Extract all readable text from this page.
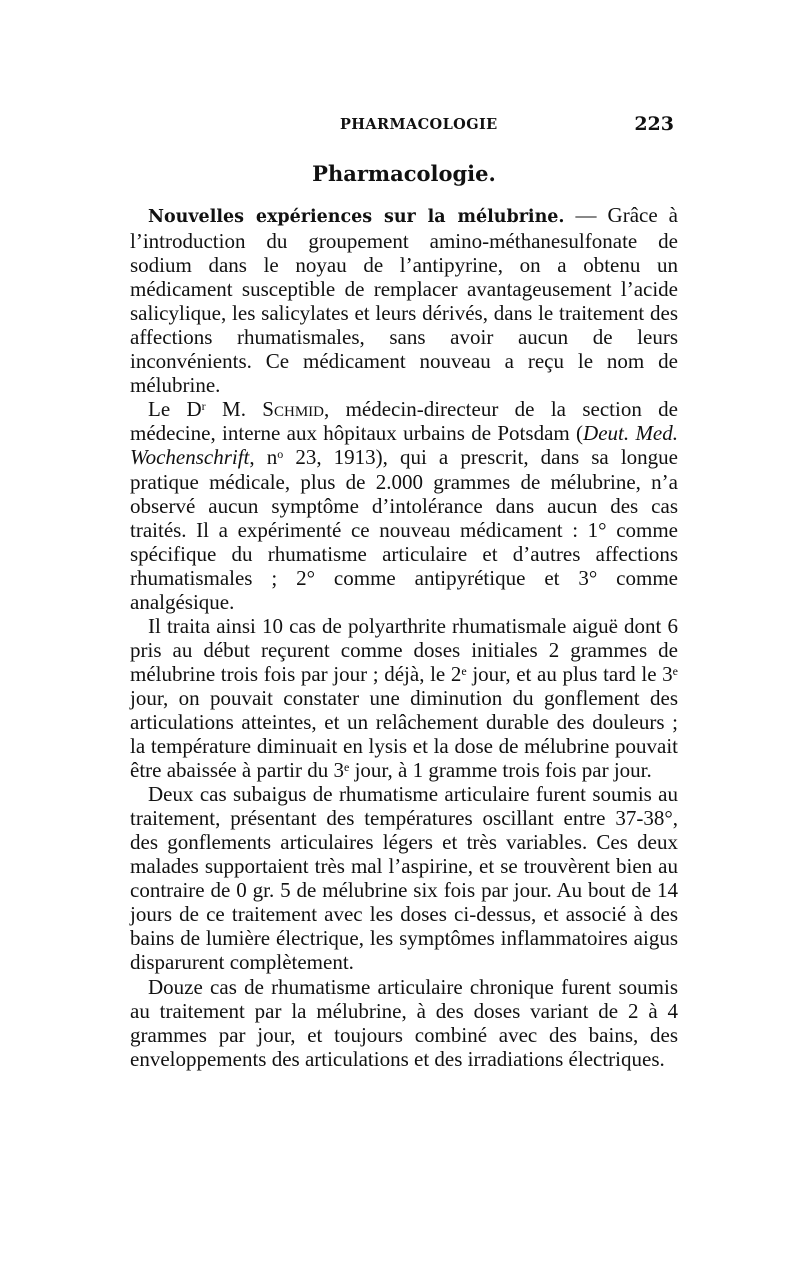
PHARMACOLOGIE	223
Pharmacologie.

Nouvelles expériences sur la mélubrine. — Grâce à l’introduction du groupement amino-méthanesulfonate de sodium dans le noyau de l’antipyrine, on a obtenu un médicament susceptible de remplacer avantageusement l’acide salicylique, les salicylates et leurs dérivés, dans le traitement des affections rhumatismales, sans avoir aucun de leurs inconvénients. Ce médicament nouveau a reçu le nom de mélubrine.

Le $D^r$ M. Schmid, médecin-directeur de la section de médecine, interne aux hôpitaux urbains de Potsdam (Deut. Med. Wochenschrift, $n^o$ 23, 1913), qui a prescrit, dans sa longue pratique médicale, plus de 2.000 grammes de mélubrine, n’a observé aucun symptôme d’intolérance dans aucun des cas traités. Il a expérimenté ce nouveau médicament : 1° comme spécifique du rhumatisme articulaire et d’autres affections rhumatismales ; 2° comme antipyrétique et 3° comme analgésique.

Il traita ainsi 10 cas de polyarthrite rhumatismale aiguë dont 6 pris au début reçurent comme doses initiales 2 grammes de mélubrine trois fois par jour ; déjà, le 2e jour, et au plus tard le 3e jour, on pouvait constater une diminution du gonflement des articulations atteintes, et un relâchement durable des douleurs ; la température diminuait en lysis et la dose de mélubrine pouvait être abaissée à partir du 3e jour, à 1 gramme trois fois par jour.

Deux cas subaigus de rhumatisme articulaire furent soumis au traitement, présentant des températures oscillant entre 37-38°, des gonflements articulaires légers et très variables. Ces deux malades supportaient très mal l’aspirine, et se trouvèrent bien au contraire de 0 gr. 5 de mélubrine six fois par jour. Au bout de 14 jours de ce traitement avec les doses ci-dessus, et associé à des bains de lumière électrique, les symptômes inflammatoires aigus disparurent complètement.

Douze cas de rhumatisme articulaire chronique furent soumis au traitement par la mélubrine, à des doses variant de 2 à 4 grammes par jour, et toujours combiné avec des bains, des enveloppements des articulations et des irradiations électriques.
